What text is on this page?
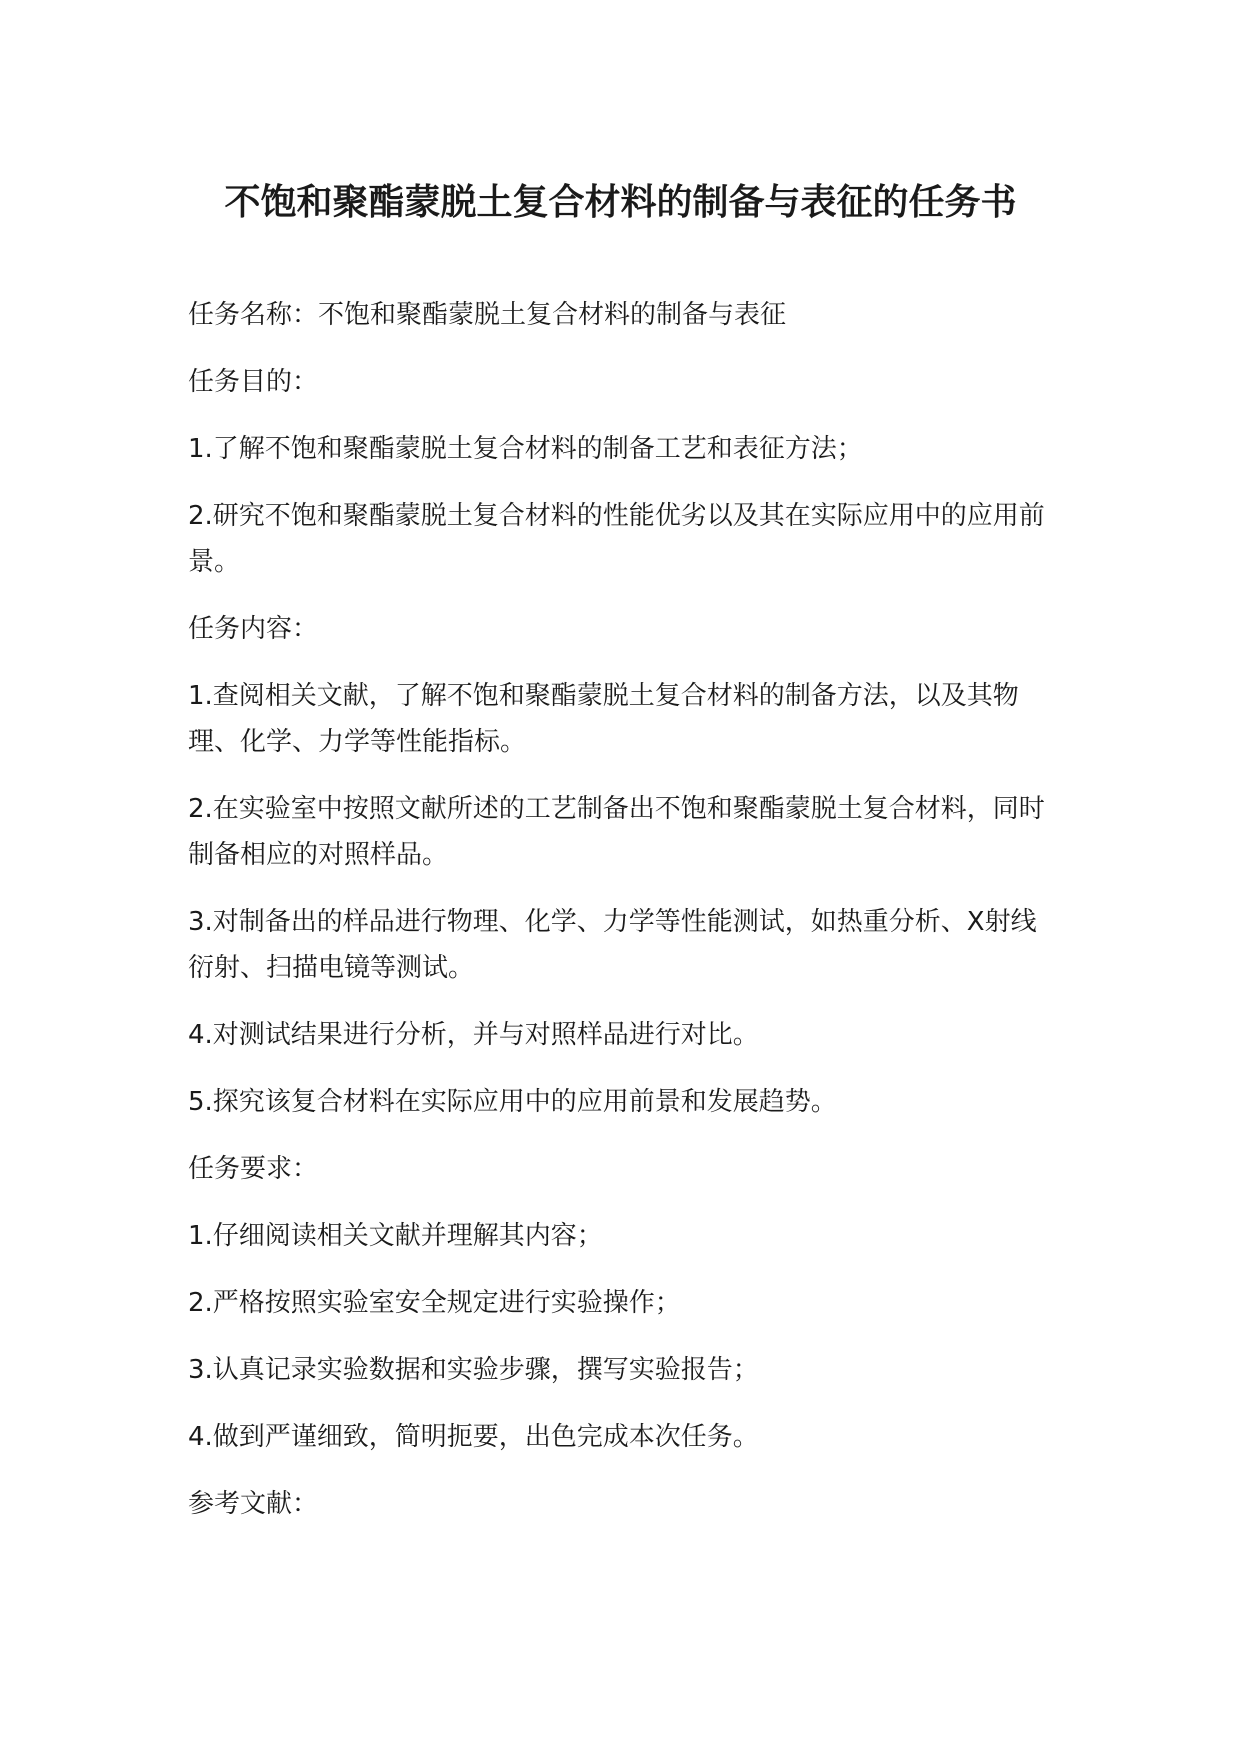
不饱和聚酯蒙脱土复合材料的制备与表征的任务书
任务名称：不饱和聚酯蒙脱土复合材料的制备与表征
任务目的：
1.了解不饱和聚酯蒙脱土复合材料的制备工艺和表征方法；
2.研究不饱和聚酯蒙脱土复合材料的性能优劣以及其在实际应用中的应用前景。
任务内容：
1.查阅相关文献，了解不饱和聚酯蒙脱土复合材料的制备方法，以及其物理、化学、力学等性能指标。
2.在实验室中按照文献所述的工艺制备出不饱和聚酯蒙脱土复合材料，同时制备相应的对照样品。
3.对制备出的样品进行物理、化学、力学等性能测试，如热重分析、X射线衍射、扫描电镜等测试。
4.对测试结果进行分析，并与对照样品进行对比。
5.探究该复合材料在实际应用中的应用前景和发展趋势。
任务要求：
1.仔细阅读相关文献并理解其内容；
2.严格按照实验室安全规定进行实验操作；
3.认真记录实验数据和实验步骤，撰写实验报告；
4.做到严谨细致，简明扼要，出色完成本次任务。
参考文献：
